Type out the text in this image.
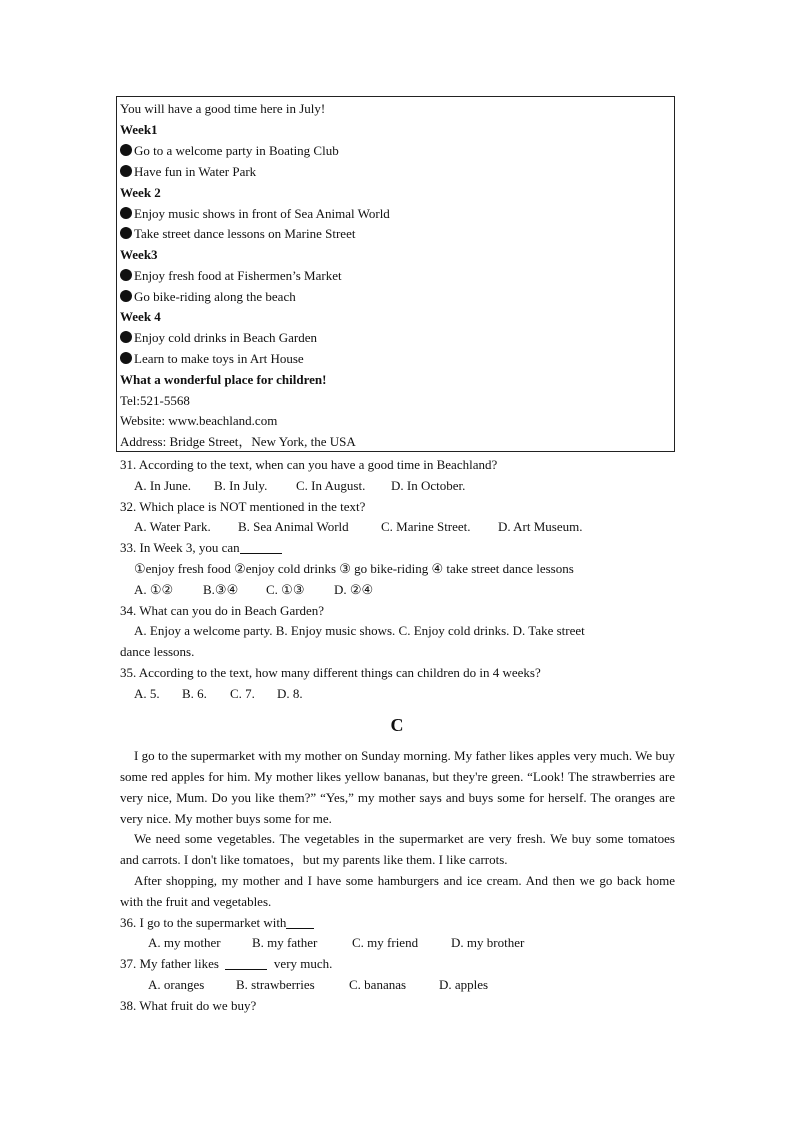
You will have a good time here in July!
Week1
Go to a welcome party in Boating Club
Have fun in Water Park
Week 2
Enjoy music shows in front of Sea Animal World
Take street dance lessons on Marine Street
Week3
Enjoy fresh food at Fishermen’s Market
Go bike-riding along the beach
Week 4
Enjoy cold drinks in Beach Garden
Learn to make toys in Art House
What a wonderful place for children!
Tel:521-5568
Website: www.beachland.com
Address: Bridge Street，New York, the USA
31. According to the text, when can you have a good time in Beachland?
A. In June. B. In July. C. In August. D. In October.
32. Which place is NOT mentioned in the text?
A. Water Park. B. Sea Animal World C. Marine Street. D. Art Museum.
33. In Week 3, you can
①enjoy fresh food ②enjoy cold drinks ③ go bike-riding ④ take street dance lessons
A. ①② B.③④ C. ①③ D. ②④
34. What can you do in Beach Garden?
A. Enjoy a welcome party. B. Enjoy music shows. C. Enjoy cold drinks. D. Take street
dance lessons.
35. According to the text, how many different things can children do in 4 weeks?
A. 5. B. 6. C. 7. D. 8.
C
I go to the supermarket with my mother on Sunday morning. My father likes apples very much. We buy some red apples for him. My mother likes yellow bananas, but they're green. “Look! The strawberries are very nice, Mum. Do you like them?” “Yes,” my mother says and buys some for herself. The oranges are very nice. My mother buys some for me.
We need some vegetables. The vegetables in the supermarket are very fresh. We buy some tomatoes and carrots. I don't like tomatoes，but my parents like them. I like carrots.
After shopping, my mother and I have some hamburgers and ice cream. And then we go back home with the fruit and vegetables.
36. I go to the supermarket with
A. my mother B. my father	C. my friend	D. my brother
37. My father likes	very much.
A. oranges B. strawberries	C. bananas	D. apples
38. What fruit do we buy?
